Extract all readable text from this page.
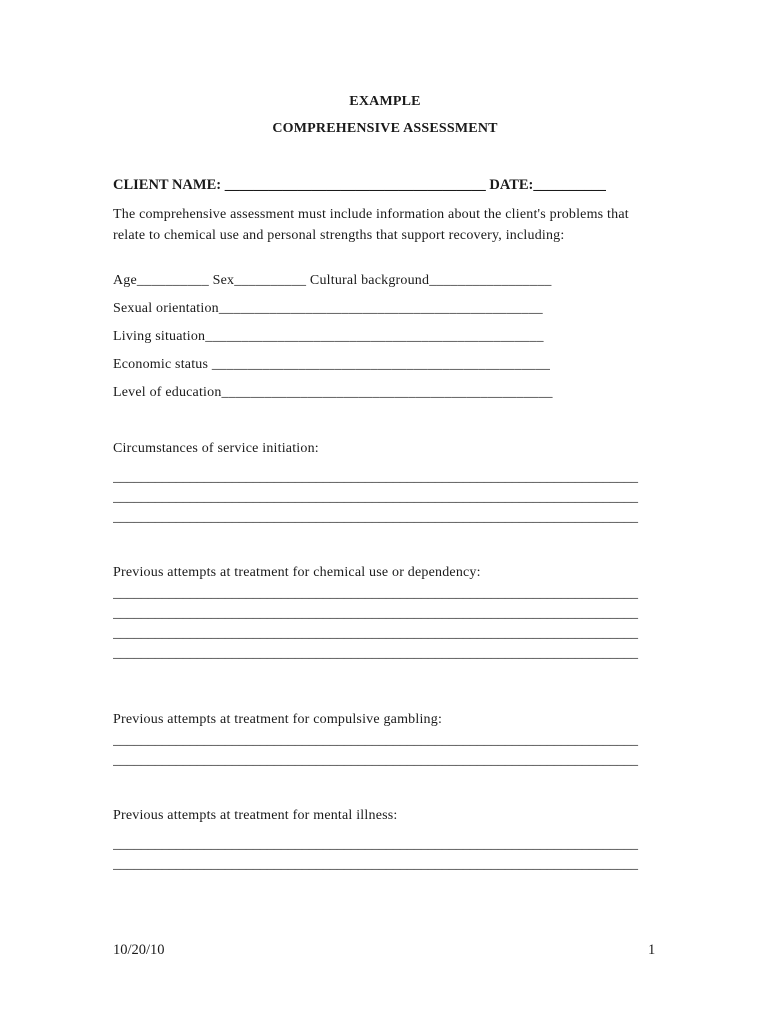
EXAMPLE
COMPREHENSIVE ASSESSMENT
CLIENT NAME: ____________________________________ DATE:__________
The comprehensive assessment must include information about the client's problems that relate to chemical use and personal strengths that support recovery, including:
Age__________ Sex__________ Cultural background_________________
Sexual orientation_____________________________________________
Living situation_______________________________________________
Economic status _______________________________________________
Level of education______________________________________________
Circumstances of service initiation:
___________________________________________________________________________
___________________________________________________________________________
___________________________________________________________________________
Previous attempts at treatment for chemical use or dependency:
___________________________________________________________________________
___________________________________________________________________________
___________________________________________________________________________
___________________________________________________________________________
Previous attempts at treatment for compulsive gambling:
___________________________________________________________________________
___________________________________________________________________________
Previous attempts at treatment for mental illness:
___________________________________________________________________________
___________________________________________________________________________
10/20/10	1
